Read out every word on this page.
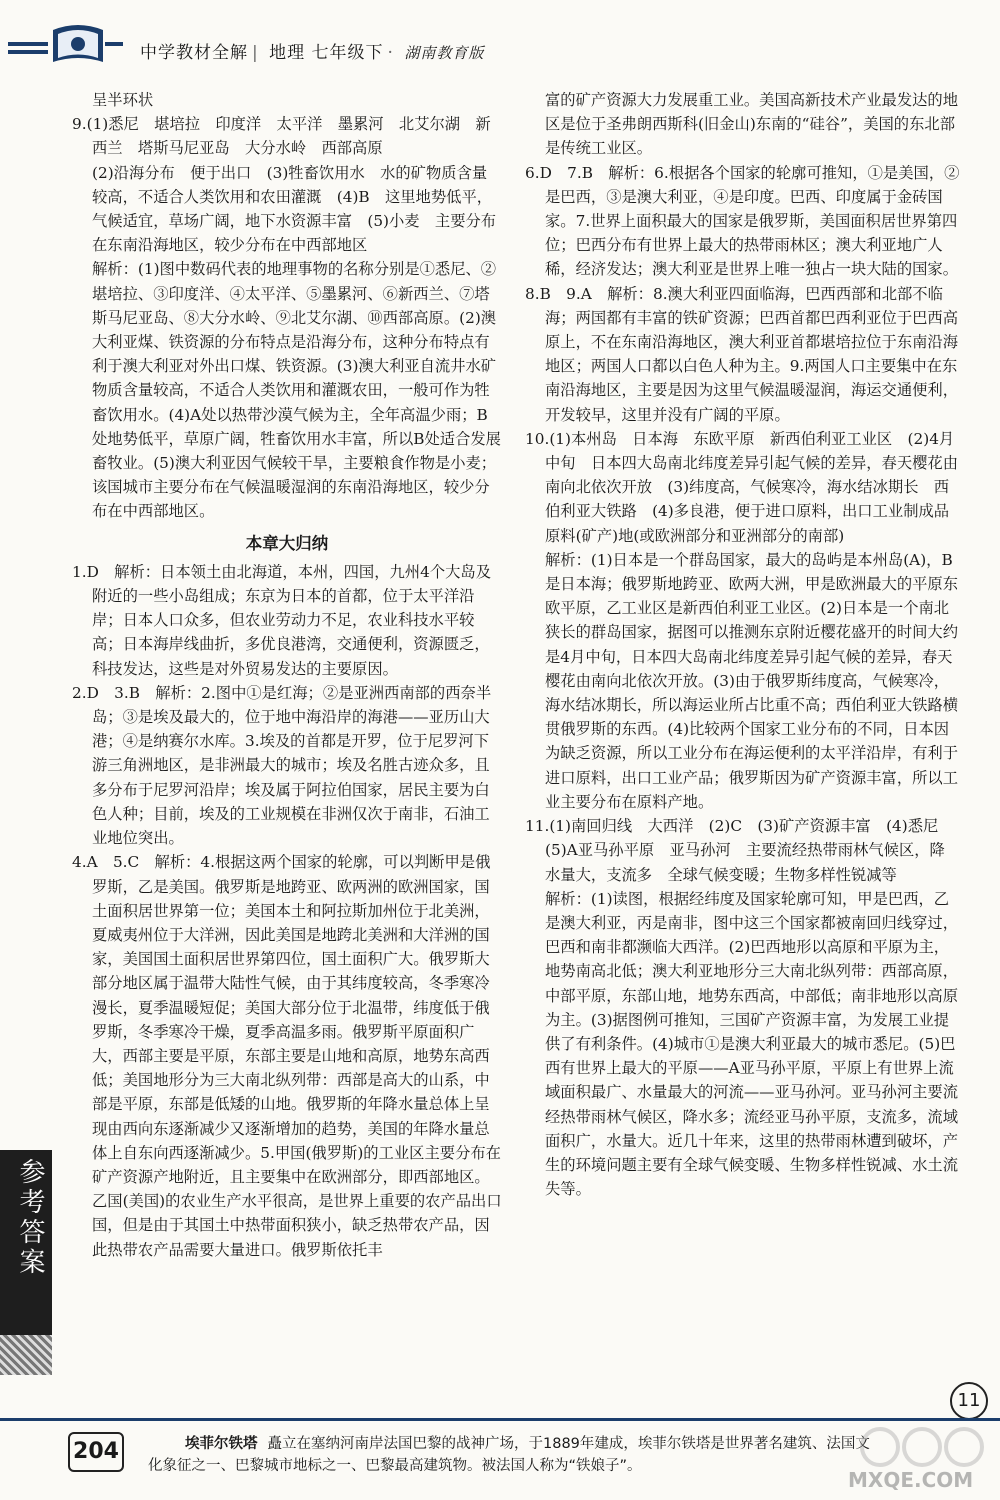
中学教材全解 | 地理 七年级下 · 湖南教育版

呈半环状

9.(1)悉尼　堪培拉　印度洋　太平洋　墨累河　北艾尔湖　新西兰　塔斯马尼亚岛　大分水岭　西部高原

(2)沿海分布　便于出口　(3)牲畜饮用水　水的矿物质含量较高，不适合人类饮用和农田灌溉　(4)B　这里地势低平，气候适宜，草场广阔，地下水资源丰富　(5)小麦　主要分布在东南沿海地区，较少分布在中西部地区

解析：(1)图中数码代表的地理事物的名称分别是①悉尼、②堪培拉、③印度洋、④太平洋、⑤墨累河、⑥新西兰、⑦塔斯马尼亚岛、⑧大分水岭、⑨北艾尔湖、⑩西部高原。(2)澳大利亚煤、铁资源的分布特点是沿海分布，这种分布特点有利于澳大利亚对外出口煤、铁资源。(3)澳大利亚自流井水矿物质含量较高，不适合人类饮用和灌溉农田，一般可作为牲畜饮用水。(4)A处以热带沙漠气候为主，全年高温少雨；B处地势低平，草原广阔，牲畜饮用水丰富，所以B处适合发展畜牧业。(5)澳大利亚因气候较干旱，主要粮食作物是小麦；该国城市主要分布在气候温暖湿润的东南沿海地区，较少分布在中西部地区。

本章大归纳

1.D　解析：日本领土由北海道，本州，四国，九州4个大岛及附近的一些小岛组成；东京为日本的首都，位于太平洋沿岸；日本人口众多，但农业劳动力不足，农业科技水平较高；日本海岸线曲折，多优良港湾，交通便利，资源匮乏，科技发达，这些是对外贸易发达的主要原因。

2.D　3.B　解析：2.图中①是红海；②是亚洲西南部的西奈半岛；③是埃及最大的，位于地中海沿岸的海港——亚历山大港；④是纳赛尔水库。3.埃及的首都是开罗，位于尼罗河下游三角洲地区，是非洲最大的城市；埃及名胜古迹众多，且多分布于尼罗河沿岸；埃及属于阿拉伯国家，居民主要为白色人种；目前，埃及的工业规模在非洲仅次于南非，石油工业地位突出。

4.A　5.C　解析：4.根据这两个国家的轮廓，可以判断甲是俄罗斯，乙是美国。俄罗斯是地跨亚、欧两洲的欧洲国家，国土面积居世界第一位；美国本土和阿拉斯加州位于北美洲，夏威夷州位于大洋洲，因此美国是地跨北美洲和大洋洲的国家，美国国土面积居世界第四位，国土面积广大。俄罗斯大部分地区属于温带大陆性气候，由于其纬度较高，冬季寒冷漫长，夏季温暖短促；美国大部分位于北温带，纬度低于俄罗斯，冬季寒冷干燥，夏季高温多雨。俄罗斯平原面积广大，西部主要是平原，东部主要是山地和高原，地势东高西低；美国地形分为三大南北纵列带：西部是高大的山系，中部是平原，东部是低矮的山地。俄罗斯的年降水量总体上呈现由西向东逐渐减少又逐渐增加的趋势，美国的年降水量总体上自东向西逐渐减少。5.甲国(俄罗斯)的工业区主要分布在矿产资源产地附近，且主要集中在欧洲部分，即西部地区。乙国(美国)的农业生产水平很高，是世界上重要的农产品出口国，但是由于其国土中热带面积狭小，缺乏热带农产品，因此热带农产品需要大量进口。俄罗斯依托丰

富的矿产资源大力发展重工业。美国高新技术产业最发达的地区是位于圣弗朗西斯科(旧金山)东南的“硅谷”，美国的东北部是传统工业区。

6.D　7.B　解析：6.根据各个国家的轮廓可推知，①是美国，②是巴西，③是澳大利亚，④是印度。巴西、印度属于金砖国家。7.世界上面积最大的国家是俄罗斯，美国面积居世界第四位；巴西分布有世界上最大的热带雨林区；澳大利亚地广人稀，经济发达；澳大利亚是世界上唯一独占一块大陆的国家。

8.B　9.A　解析：8.澳大利亚四面临海，巴西西部和北部不临海；两国都有丰富的铁矿资源；巴西首都巴西利亚位于巴西高原上，不在东南沿海地区，澳大利亚首都堪培拉位于东南沿海地区；两国人口都以白色人种为主。9.两国人口主要集中在东南沿海地区，主要是因为这里气候温暖湿润，海运交通便利，开发较早，这里并没有广阔的平原。

10.(1)本州岛　日本海　东欧平原　新西伯利亚工业区　(2)4月中旬　日本四大岛南北纬度差异引起气候的差异，春天樱花由南向北依次开放　(3)纬度高，气候寒冷，海水结冰期长　西伯利亚大铁路　(4)多良港，便于进口原料，出口工业制成品　原料(矿产)地(或欧洲部分和亚洲部分的南部)

解析：(1)日本是一个群岛国家，最大的岛屿是本州岛(A)，B是日本海；俄罗斯地跨亚、欧两大洲，甲是欧洲最大的平原东欧平原，乙工业区是新西伯利亚工业区。(2)日本是一个南北狭长的群岛国家，据图可以推测东京附近樱花盛开的时间大约是4月中旬，日本四大岛南北纬度差异引起气候的差异，春天樱花由南向北依次开放。(3)由于俄罗斯纬度高，气候寒冷，海水结冰期长，所以海运业所占比重不高；西伯利亚大铁路横贯俄罗斯的东西。(4)比较两个国家工业分布的不同，日本因为缺乏资源，所以工业分布在海运便利的太平洋沿岸，有利于进口原料，出口工业产品；俄罗斯因为矿产资源丰富，所以工业主要分布在原料产地。

11.(1)南回归线　大西洋　(2)C　(3)矿产资源丰富　(4)悉尼　(5)A亚马孙平原　亚马孙河　主要流经热带雨林气候区，降水量大，支流多　全球气候变暖；生物多样性锐减等

解析：(1)读图，根据经纬度及国家轮廓可知，甲是巴西，乙是澳大利亚，丙是南非，图中这三个国家都被南回归线穿过，巴西和南非都濒临大西洋。(2)巴西地形以高原和平原为主，地势南高北低；澳大利亚地形分三大南北纵列带：西部高原，中部平原，东部山地，地势东西高，中部低；南非地形以高原为主。(3)据图例可推知，三国矿产资源丰富，为发展工业提供了有利条件。(4)城市①是澳大利亚最大的城市悉尼。(5)巴西有世界上最大的平原——A亚马孙平原，平原上有世界上流域面积最广、水量最大的河流——亚马孙河。亚马孙河主要流经热带雨林气候区，降水多；流经亚马孙平原，支流多，流域面积广，水量大。近几十年来，这里的热带雨林遭到破坏，产生的环境问题主要有全球气候变暖、生物多样性锐减、水土流失等。

参考答案
11
204	埃菲尔铁塔 矗立在塞纳河南岸法国巴黎的战神广场，于1889年建成，埃菲尔铁塔是世界著名建筑、法国文
化象征之一、巴黎城市地标之一、巴黎最高建筑物。被法国人称为“铁娘子”。
MXQE.COM
